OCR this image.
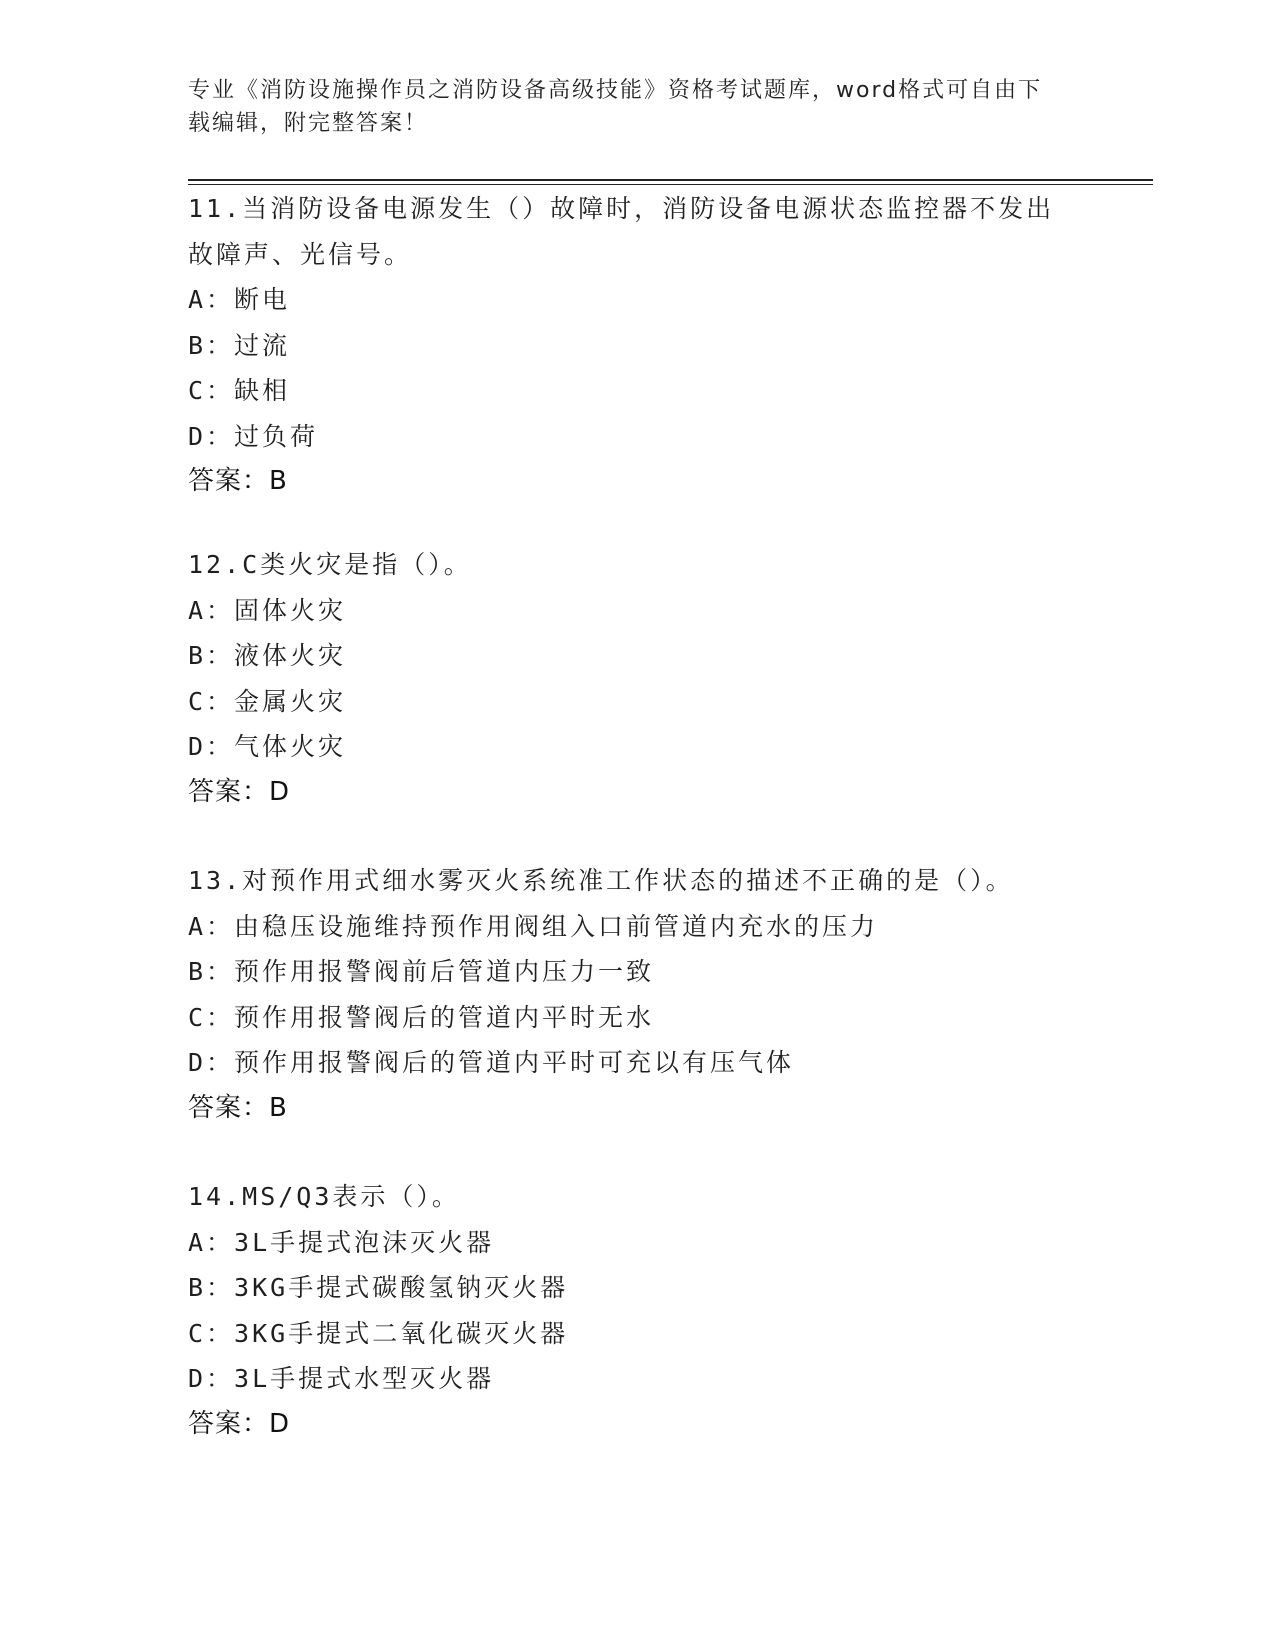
专业《消防设施操作员之消防设备高级技能》资格考试题库，word格式可自由下
载编辑，附完整答案！
11.当消防设备电源发生（）故障时，消防设备电源状态监控器不发出
故障声、光信号。
A：断电
B：过流
C：缺相
D：过负荷
答案：B
12.C类火灾是指（）。
A：固体火灾
B：液体火灾
C：金属火灾
D：气体火灾
答案：D
13.对预作用式细水雾灭火系统准工作状态的描述不正确的是（）。
A：由稳压设施维持预作用阀组入口前管道内充水的压力
B：预作用报警阀前后管道内压力一致
C：预作用报警阀后的管道内平时无水
D：预作用报警阀后的管道内平时可充以有压气体
答案：B
14.MS/Q3表示（）。
A：3L手提式泡沫灭火器
B：3KG手提式碳酸氢钠灭火器
C：3KG手提式二氧化碳灭火器
D：3L手提式水型灭火器
答案：D
